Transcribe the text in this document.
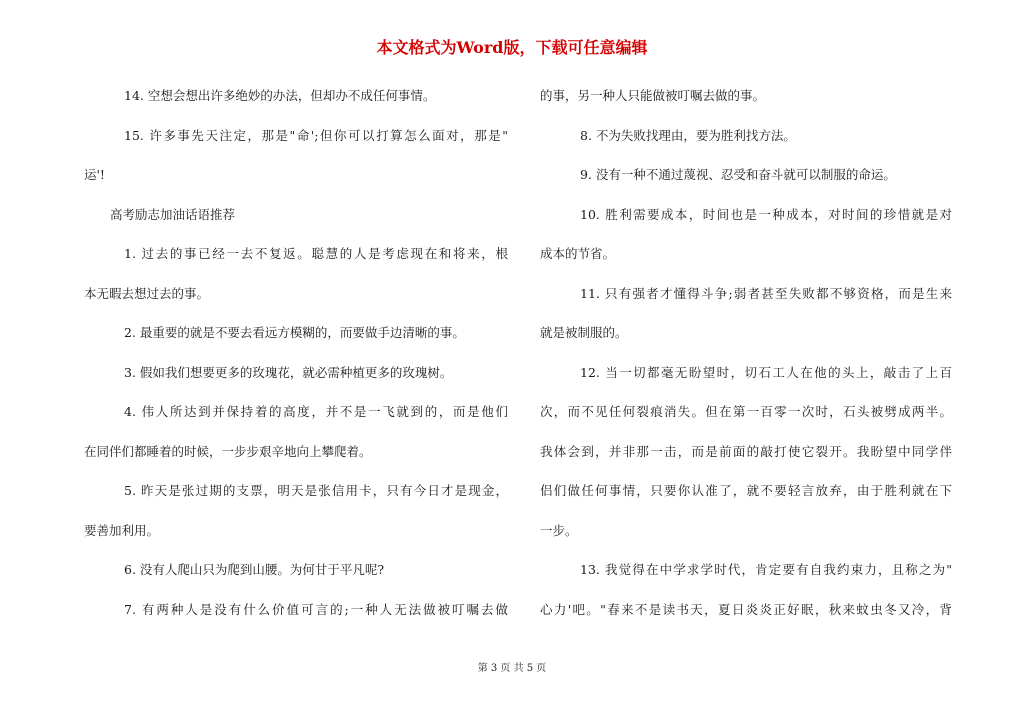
本文格式为Word版，下载可任意编辑
14. 空想会想出许多绝妙的办法，但却办不成任何事情。
15. 许多事先天注定，那是"命';但你可以打算怎么面对，那是"
运'!
高考励志加油话语推荐
1. 过去的事已经一去不复返。聪慧的人是考虑现在和将来，根
本无暇去想过去的事。
2. 最重要的就是不要去看远方模糊的，而要做手边清晰的事。
3. 假如我们想要更多的玫瑰花，就必需种植更多的玫瑰树。
4. 伟人所达到并保持着的高度，并不是一飞就到的，而是他们
在同伴们都睡着的时候，一步步艰辛地向上攀爬着。
5. 昨天是张过期的支票，明天是张信用卡，只有今日才是现金，
要善加利用。
6. 没有人爬山只为爬到山腰。为何甘于平凡呢?
7. 有两种人是没有什么价值可言的;一种人无法做被叮嘱去做
的事，另一种人只能做被叮嘱去做的事。
8. 不为失败找理由，要为胜利找方法。
9. 没有一种不通过蔑视、忍受和奋斗就可以制服的命运。
10. 胜利需要成本，时间也是一种成本，对时间的珍惜就是对
成本的节省。
11. 只有强者才懂得斗争;弱者甚至失败都不够资格，而是生来
就是被制服的。
12. 当一切都毫无盼望时，切石工人在他的头上，敲击了上百
次，而不见任何裂痕消失。但在第一百零一次时，石头被劈成两半。
我体会到，并非那一击，而是前面的敲打使它裂开。我盼望中同学伴
侣们做任何事情，只要你认准了，就不要轻言放弃，由于胜利就在下
一步。
13. 我觉得在中学求学时代，肯定要有自我约束力，且称之为"
心力'吧。"春来不是读书天，夏日炎炎正好眠，秋来蚊虫冬又冷，背
第 3 页 共 5 页
